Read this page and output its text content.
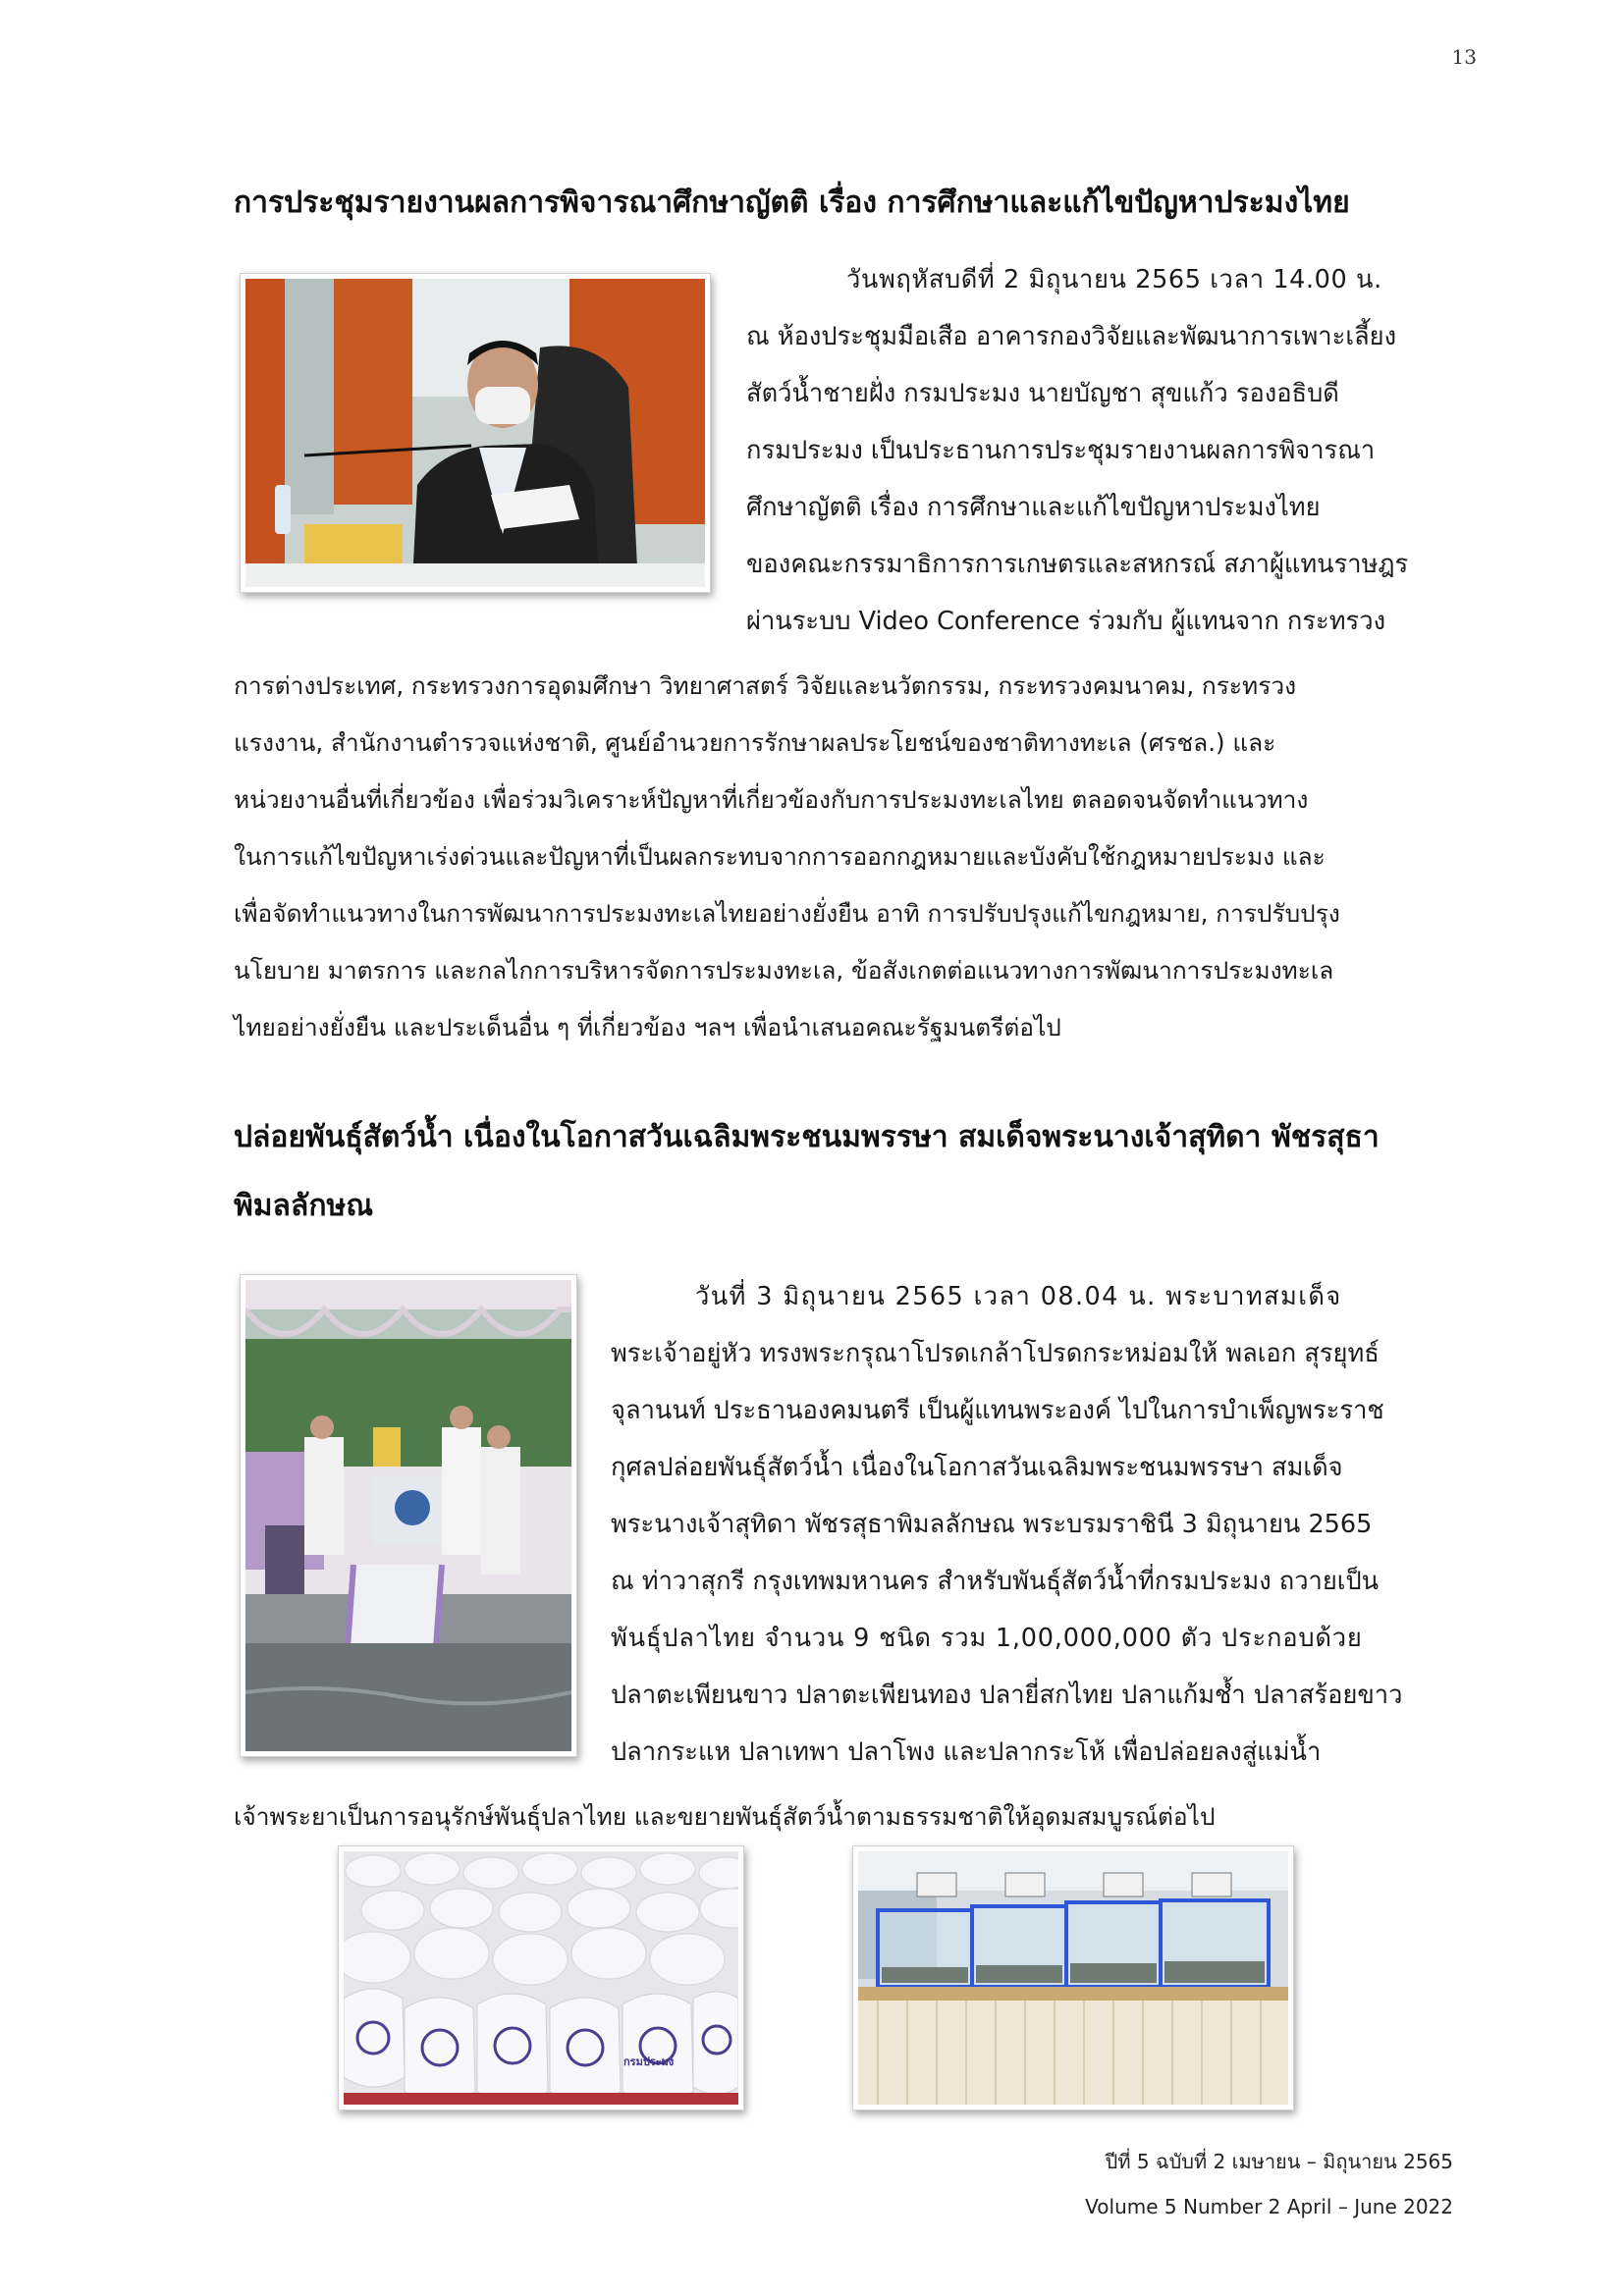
13
การประชุมรายงานผลการพิจารณาศึกษาญัตติ เรื่อง การศึกษาและแก้ไขปัญหาประมงไทย
วันพฤหัสบดีที่ 2 มิถุนายน 2565 เวลา 14.00 น.
ณ ห้องประชุมมือเสือ อาคารกองวิจัยและพัฒนาการเพาะเลี้ยง
สัตว์น้ำชายฝั่ง กรมประมง นายบัญชา สุขแก้ว รองอธิบดี
กรมประมง เป็นประธานการประชุมรายงานผลการพิจารณา
ศึกษาญัตติ เรื่อง การศึกษาและแก้ไขปัญหาประมงไทย
ของคณะกรรมาธิการการเกษตรและสหกรณ์ สภาผู้แทนราษฎร
ผ่านระบบ Video Conference ร่วมกับ ผู้แทนจาก กระทรวง
การต่างประเทศ, กระทรวงการอุดมศึกษา วิทยาศาสตร์ วิจัยและนวัตกรรม, กระทรวงคมนาคม, กระทรวง
แรงงาน, สำนักงานตำรวจแห่งชาติ, ศูนย์อำนวยการรักษาผลประโยชน์ของชาติทางทะเล (ศรชล.) และ
หน่วยงานอื่นที่เกี่ยวข้อง เพื่อร่วมวิเคราะห์ปัญหาที่เกี่ยวข้องกับการประมงทะเลไทย ตลอดจนจัดทำแนวทาง
ในการแก้ไขปัญหาเร่งด่วนและปัญหาที่เป็นผลกระทบจากการออกกฎหมายและบังคับใช้กฎหมายประมง และ
เพื่อจัดทำแนวทางในการพัฒนาการประมงทะเลไทยอย่างยั่งยืน อาทิ การปรับปรุงแก้ไขกฎหมาย, การปรับปรุง
นโยบาย มาตรการ และกลไกการบริหารจัดการประมงทะเล, ข้อสังเกตต่อแนวทางการพัฒนาการประมงทะเล
ไทยอย่างยั่งยืน และประเด็นอื่น ๆ ที่เกี่ยวข้อง ฯลฯ เพื่อนำเสนอคณะรัฐมนตรีต่อไป
ปล่อยพันธุ์สัตว์น้ำ เนื่องในโอกาสวันเฉลิมพระชนมพรรษา สมเด็จพระนางเจ้าสุทิดา พัชรสุธา
พิมลลักษณ
วันที่ 3 มิถุนายน 2565 เวลา 08.04 น. พระบาทสมเด็จ
พระเจ้าอยู่หัว ทรงพระกรุณาโปรดเกล้าโปรดกระหม่อมให้ พลเอก สุรยุทธ์
จุลานนท์ ประธานองคมนตรี เป็นผู้แทนพระองค์ ไปในการบำเพ็ญพระราช
กุศลปล่อยพันธุ์สัตว์น้ำ เนื่องในโอกาสวันเฉลิมพระชนมพรรษา สมเด็จ
พระนางเจ้าสุทิดา พัชรสุธาพิมลลักษณ พระบรมราชินี 3 มิถุนายน 2565
ณ ท่าวาสุกรี กรุงเทพมหานคร สำหรับพันธุ์สัตว์น้ำที่กรมประมง ถวายเป็น
พันธุ์ปลาไทย จำนวน 9 ชนิด รวม 1,00,000,000 ตัว ประกอบด้วย
ปลาตะเพียนขาว ปลาตะเพียนทอง ปลายี่สกไทย ปลาแก้มช้ำ ปลาสร้อยขาว
ปลากระแห ปลาเทพา ปลาโพง และปลากระโห้ เพื่อปล่อยลงสู่แม่น้ำ
เจ้าพระยาเป็นการอนุรักษ์พันธุ์ปลาไทย และขยายพันธุ์สัตว์น้ำตามธรรมชาติให้อุดมสมบูรณ์ต่อไป
กรมประมง
ปีที่ 5 ฉบับที่ 2 เมษายน – มิถุนายน 2565
Volume 5 Number 2 April – June 2022
